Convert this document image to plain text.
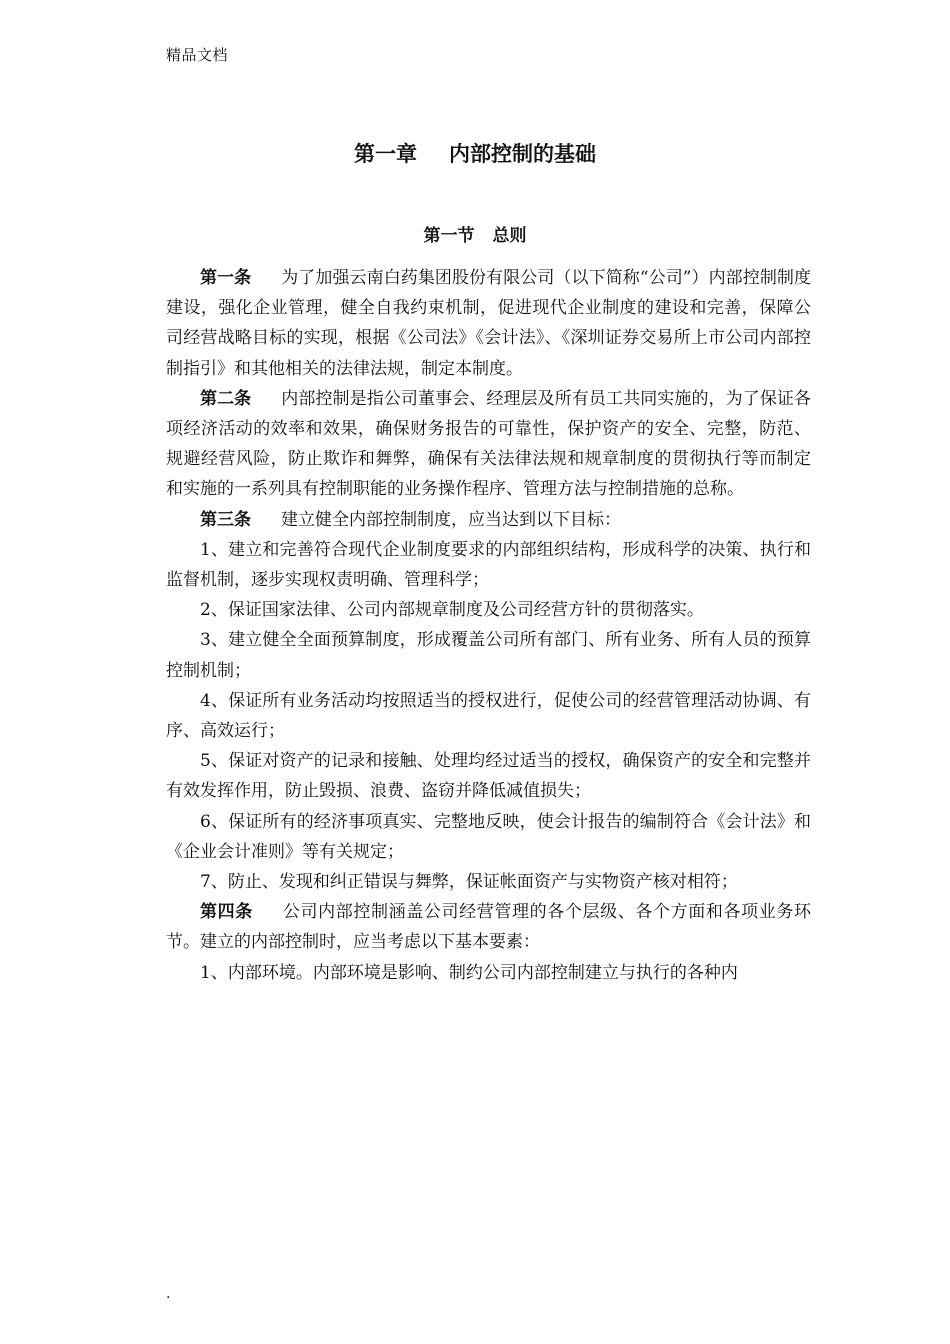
精品文档
第一章 内部控制的基础
第一节 总则

第一条 为了加强云南白药集团股份有限公司（以下简称“公司”）内部控制制度建设，强化企业管理，健全自我约束机制，促进现代企业制度的建设和完善，保障公司经营战略目标的实现，根据《公司法》《会计法》、《深圳证券交易所上市公司内部控制指引》和其他相关的法律法规，制定本制度。

第二条 内部控制是指公司董事会、经理层及所有员工共同实施的，为了保证各项经济活动的效率和效果，确保财务报告的可靠性，保护资产的安全、完整，防范、规避经营风险，防止欺诈和舞弊，确保有关法律法规和规章制度的贯彻执行等而制定和实施的一系列具有控制职能的业务操作程序、管理方法与控制措施的总称。

第三条 建立健全内部控制制度，应当达到以下目标：

1、建立和完善符合现代企业制度要求的内部组织结构，形成科学的决策、执行和监督机制，逐步实现权责明确、管理科学；

2、保证国家法律、公司内部规章制度及公司经营方针的贯彻落实。

3、建立健全全面预算制度，形成覆盖公司所有部门、所有业务、所有人员的预算控制机制；

4、保证所有业务活动均按照适当的授权进行，促使公司的经营管理活动协调、有序、高效运行；

5、保证对资产的记录和接触、处理均经过适当的授权，确保资产的安全和完整并有效发挥作用，防止毁损、浪费、盗窃并降低减值损失；

6、保证所有的经济事项真实、完整地反映，使会计报告的编制符合《会计法》和《企业会计准则》等有关规定；

7、防止、发现和纠正错误与舞弊，保证帐面资产与实物资产核对相符；

第四条 公司内部控制涵盖公司经营管理的各个层级、各个方面和各项业务环节。建立的内部控制时，应当考虑以下基本要素：

1、内部环境。内部环境是影响、制约公司内部控制建立与执行的各种内

.
